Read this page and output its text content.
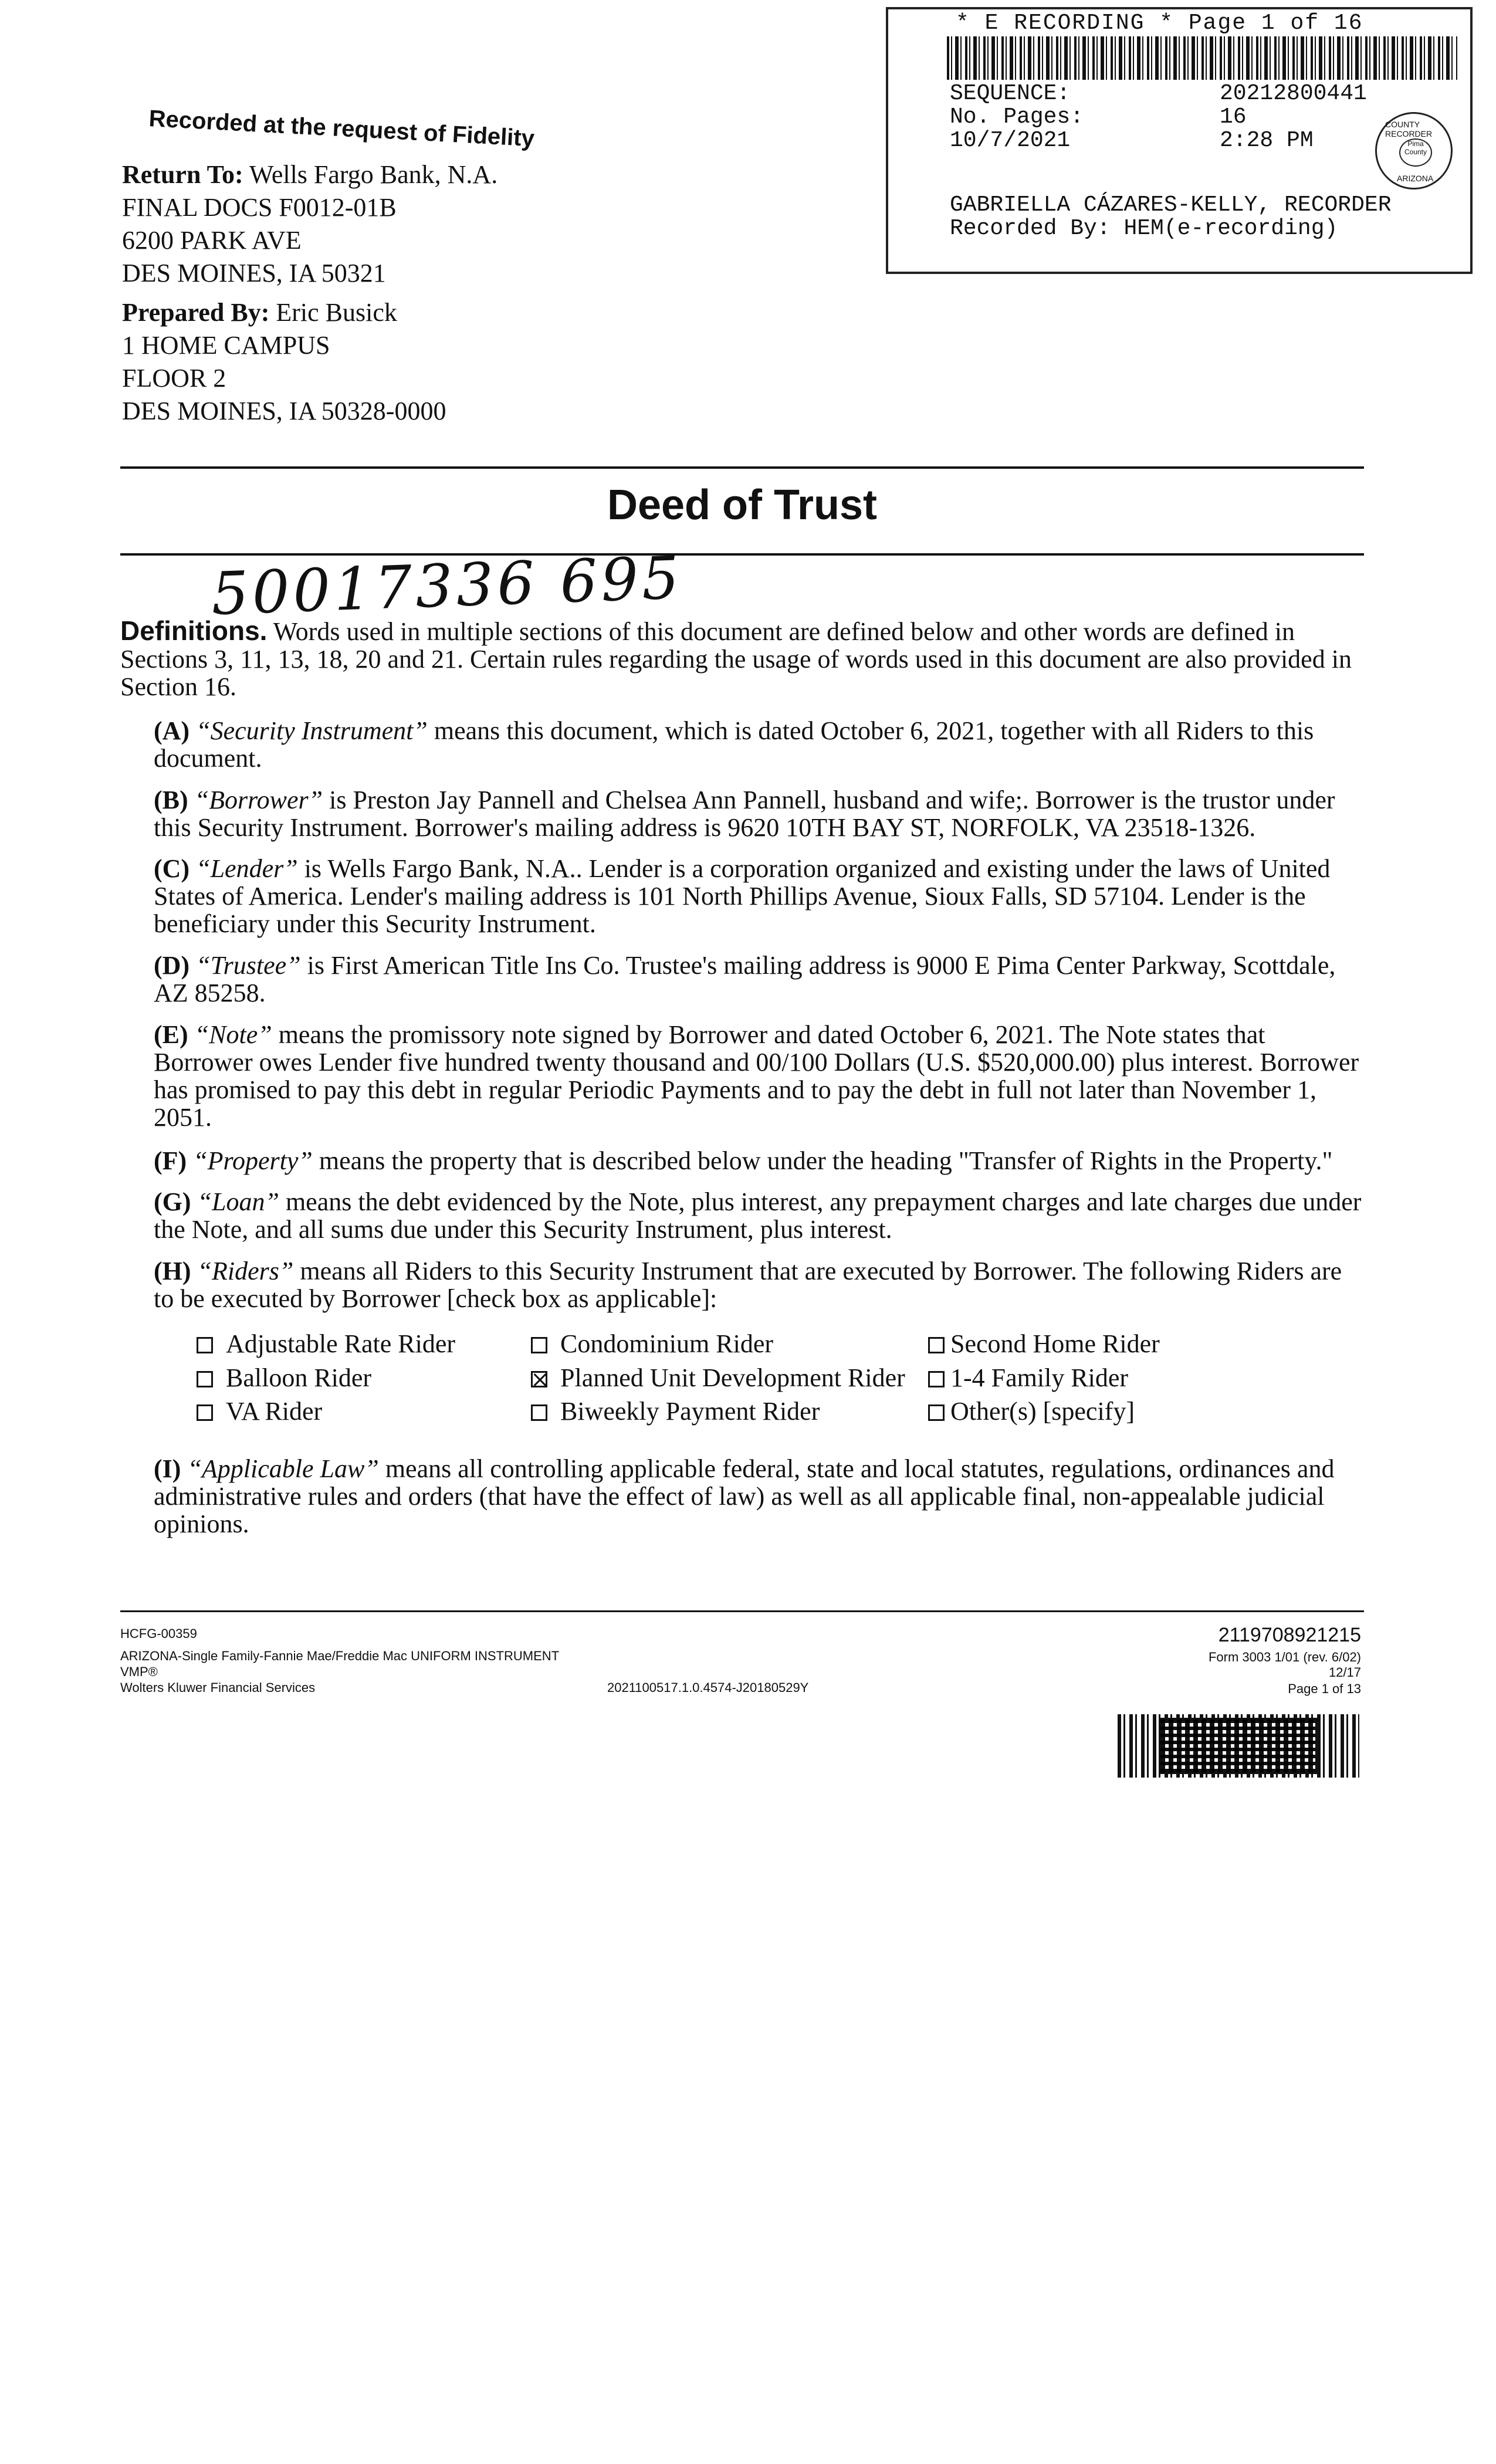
* E RECORDING * Page 1 of 16
SEQUENCE:	20212800441
No. Pages:	16
10/7/2021	2:28 PM
GABRIELLA CÁZARES-KELLY, RECORDER
Recorded By: HEM(e-recording)
COUNTY RECORDER
Pima County
ARIZONA
Recorded at the request of Fidelity
Return To: Wells Fargo Bank, N.A.
FINAL DOCS F0012-01B
6200 PARK AVE
DES MOINES, IA 50321
Prepared By: Eric Busick
1 HOME CAMPUS
FLOOR 2
DES MOINES, IA 50328-0000
Deed of Trust
50017336 695
Definitions. Words used in multiple sections of this document are defined below and other words are defined in Sections 3, 11, 13, 18, 20 and 21. Certain rules regarding the usage of words used in this document are also provided in Section 16.
(A) “Security Instrument” means this document, which is dated October 6, 2021, together with all Riders to this document.
(B) “Borrower” is Preston Jay Pannell and Chelsea Ann Pannell, husband and wife;. Borrower is the trustor under this Security Instrument. Borrower's mailing address is 9620 10TH BAY ST, NORFOLK, VA 23518-1326.
(C) “Lender” is Wells Fargo Bank, N.A.. Lender is a corporation organized and existing under the laws of United States of America. Lender's mailing address is 101 North Phillips Avenue, Sioux Falls, SD 57104. Lender is the beneficiary under this Security Instrument.
(D) “Trustee” is First American Title Ins Co. Trustee's mailing address is 9000 E Pima Center Parkway, Scottdale, AZ 85258.
(E) “Note” means the promissory note signed by Borrower and dated October 6, 2021. The Note states that Borrower owes Lender five hundred twenty thousand and 00/100 Dollars (U.S. $520,000.00) plus interest. Borrower has promised to pay this debt in regular Periodic Payments and to pay the debt in full not later than November 1, 2051.
(F) “Property” means the property that is described below under the heading "Transfer of Rights in the Property."
(G) “Loan” means the debt evidenced by the Note, plus interest, any prepayment charges and late charges due under the Note, and all sums due under this Security Instrument, plus interest.
(H) “Riders” means all Riders to this Security Instrument that are executed by Borrower. The following Riders are to be executed by Borrower [check box as applicable]:
Adjustable Rate Rider	Condominium Rider	Second Home Rider
Balloon Rider	Planned Unit Development Rider	1-4 Family Rider
VA Rider	Biweekly Payment Rider	Other(s) [specify]
(I) “Applicable Law” means all controlling applicable federal, state and local statutes, regulations, ordinances and administrative rules and orders (that have the effect of law) as well as all applicable final, non-appealable judicial opinions.
HCFG-00359
ARIZONA-Single Family-Fannie Mae/Freddie Mac UNIFORM INSTRUMENT
VMP®
Wolters Kluwer Financial Services	2021100517.1.0.4574-J20180529Y
2119708921215
Form 3003 1/01 (rev. 6/02)
12/17
Page 1 of 13
